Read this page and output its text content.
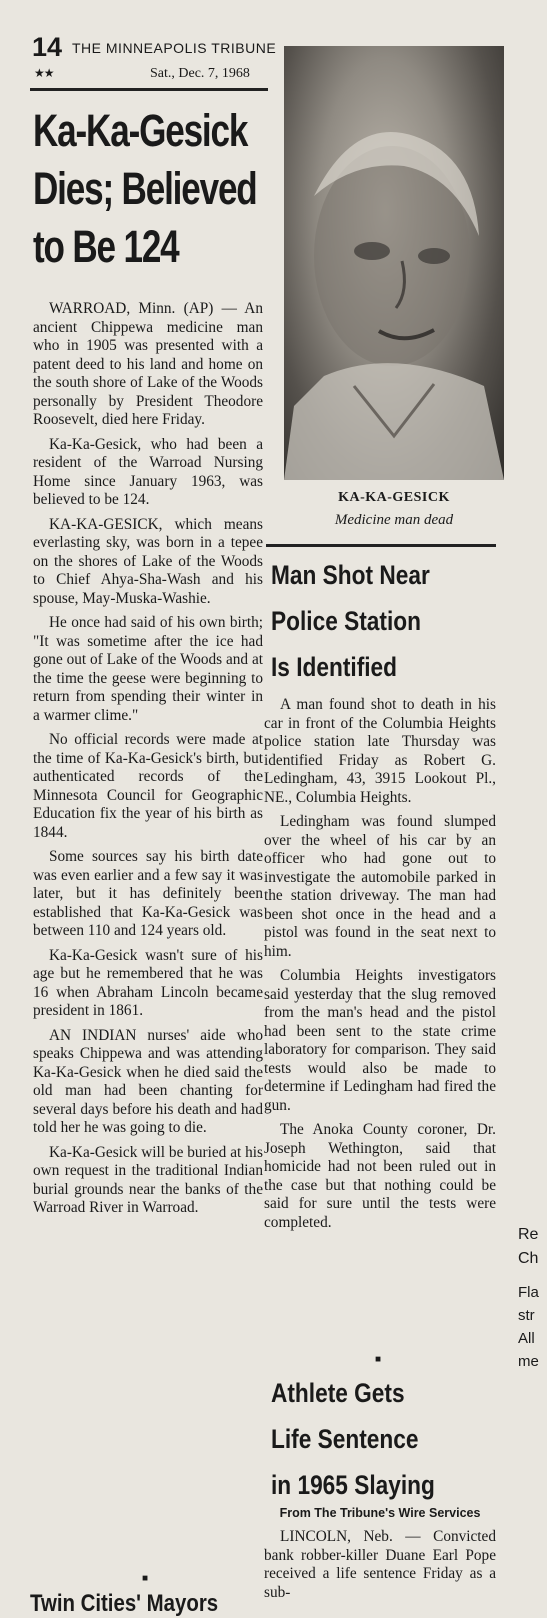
14
★★
THE MINNEAPOLIS TRIBUNE
Sat., Dec. 7, 1968
Ka-Ka-Gesick
Dies; Believed
to Be 124

WARROAD, Minn. (AP) — An ancient Chippewa medicine man who in 1905 was presented with a patent deed to his land and home on the south shore of Lake of the Woods personally by President Theodore Roosevelt, died here Friday.

Ka-Ka-Gesick, who had been a resident of the Warroad Nursing Home since January 1963, was believed to be 124.

KA-KA-GESICK, which means everlasting sky, was born in a tepee on the shores of Lake of the Woods to Chief Ahya-Sha-Wash and his spouse, May-Muska-Washie.

He once had said of his own birth; "It was sometime after the ice had gone out of Lake of the Woods and at the time the geese were beginning to return from spending their winter in a warmer clime."

No official records were made at the time of Ka-Ka-Gesick's birth, but authenticated records of the Minnesota Council for Geographic Education fix the year of his birth as 1844.

Some sources say his birth date was even earlier and a few say it was later, but it has definitely been established that Ka-Ka-Gesick was between 110 and 124 years old.

Ka-Ka-Gesick wasn't sure of his age but he remembered that he was 16 when Abraham Lincoln became president in 1861.

AN INDIAN nurses' aide who speaks Chippewa and was attending Ka-Ka-Gesick when he died said the old man had been chanting for several days before his death and had told her he was going to die.

Ka-Ka-Gesick will be buried at his own request in the traditional Indian burial grounds near the banks of the Warroad River in Warroad.

■
KA-KA-GESICK
Medicine man dead
Man Shot Near
Police Station
Is Identified

A man found shot to death in his car in front of the Columbia Heights police station late Thursday was identified Friday as Robert G. Ledingham, 43, 3915 Lookout Pl., NE., Columbia Heights.

Ledingham was found slumped over the wheel of his car by an officer who had gone out to investigate the automobile parked in the station driveway. The man had been shot once in the head and a pistol was found in the seat next to him.

Columbia Heights investigators said yesterday that the slug removed from the man's head and the pistol had been sent to the state crime laboratory for comparison. They said tests would also be made to determine if Ledingham had fired the gun.

The Anoka County coroner, Dr. Joseph Wethington, said that homicide had not been ruled out in the case but that nothing could be said for sure until the tests were completed.

■
Athlete Gets
Life Sentence
in 1965 Slaying
From The Tribune's Wire Services

LINCOLN, Neb. — Convicted bank robber-killer Duane Earl Pope received a life sentence Friday as a sub-

Twin Cities' Mayors
Re
Ch
Fla
str
All
me
